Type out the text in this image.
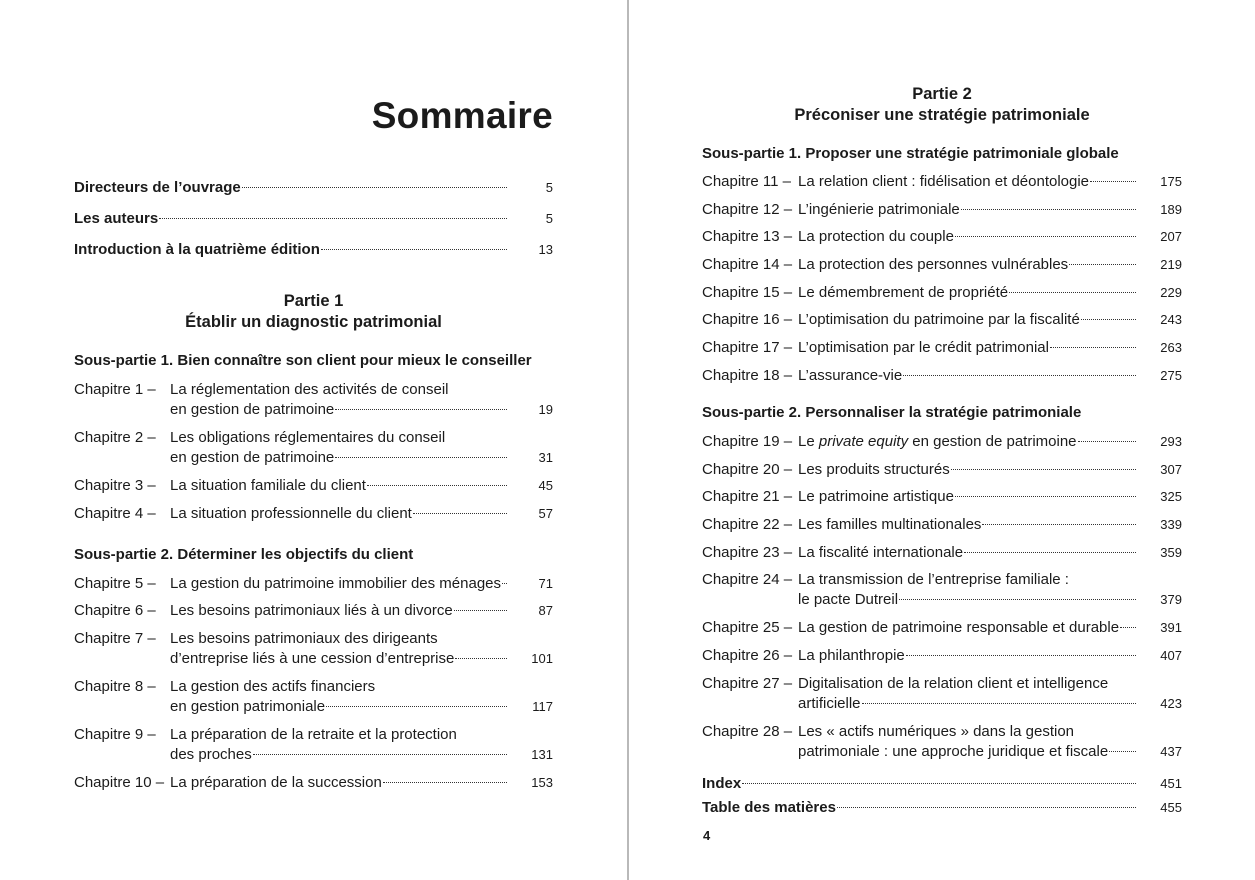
Sommaire
Directeurs de l’ouvrage	5
Les auteurs	5
Introduction à la quatrième édition	13
Partie 1
Établir un diagnostic patrimonial
Sous-partie 1. Bien connaître son client pour mieux le conseiller
Chapitre 1 – La réglementation des activités de conseil
en gestion de patrimoine	19
Chapitre 2 – Les obligations réglementaires du conseil
en gestion de patrimoine	31
Chapitre 3 – La situation familiale du client	45
Chapitre 4 – La situation professionnelle du client	57
Sous-partie 2. Déterminer les objectifs du client
Chapitre 5 – La gestion du patrimoine immobilier des ménages	71
Chapitre 6 – Les besoins patrimoniaux liés à un divorce	87
Chapitre 7 – Les besoins patrimoniaux des dirigeants
d’entreprise liés à une cession d’entreprise	101
Chapitre 8 – La gestion des actifs financiers
en gestion patrimoniale	117
Chapitre 9 – La préparation de la retraite et la protection
des proches	131
Chapitre 10 – La préparation de la succession	153
Partie 2
Préconiser une stratégie patrimoniale
Sous-partie 1. Proposer une stratégie patrimoniale globale
Chapitre 11 – La relation client : fidélisation et déontologie	175
Chapitre 12 – L’ingénierie patrimoniale	189
Chapitre 13 – La protection du couple	207
Chapitre 14 – La protection des personnes vulnérables	219
Chapitre 15 – Le démembrement de propriété	229
Chapitre 16 – L’optimisation du patrimoine par la fiscalité	243
Chapitre 17 – L’optimisation par le crédit patrimonial	263
Chapitre 18 – L’assurance-vie	275
Sous-partie 2. Personnaliser la stratégie patrimoniale
Chapitre 19 – Le private equity en gestion de patrimoine	293
Chapitre 20 – Les produits structurés	307
Chapitre 21 – Le patrimoine artistique	325
Chapitre 22 – Les familles multinationales	339
Chapitre 23 – La fiscalité internationale	359
Chapitre 24 – La transmission de l’entreprise familiale :
le pacte Dutreil	379
Chapitre 25 – La gestion de patrimoine responsable et durable	391
Chapitre 26 – La philanthropie	407
Chapitre 27 – Digitalisation de la relation client et intelligence
artificielle	423
Chapitre 28 – Les « actifs numériques » dans la gestion
patrimoniale : une approche juridique et fiscale	437
Index	451
Table des matières	455
4
